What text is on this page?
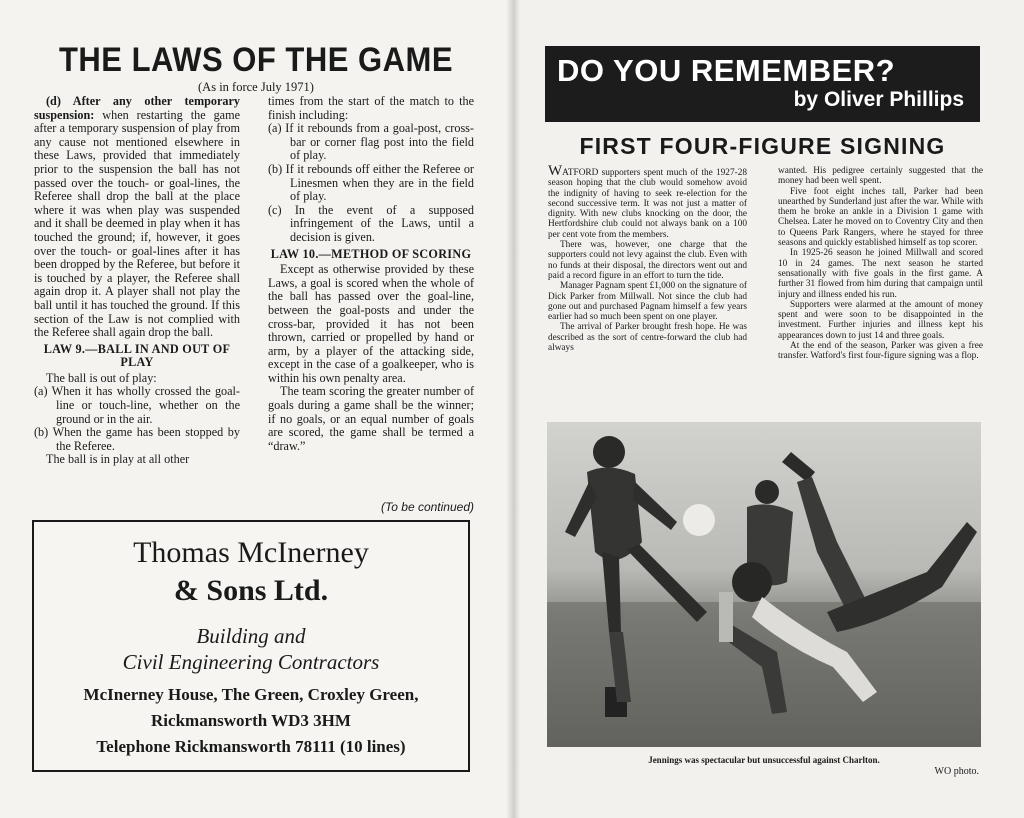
THE LAWS OF THE GAME
(As in force July 1971)

(d) After any other temporary suspension: when restarting the game after a temporary suspension of play from any cause not mentioned elsewhere in these Laws, provided that immediately prior to the suspension the ball has not passed over the touch- or goal-lines, the Referee shall drop the ball at the place where it was when play was suspended and it shall be deemed in play when it has touched the ground; if, however, it goes over the touch- or goal-lines after it has been dropped by the Referee, but before it is touched by a player, the Referee shall again drop it. A player shall not play the ball until it has touched the ground. If this section of the Law is not complied with the Referee shall again drop the ball.

LAW 9.—BALL IN AND OUT OF PLAY

The ball is out of play:

(a) When it has wholly crossed the goal-line or touch-line, whether on the ground or in the air.

(b) When the game has been stopped by the Referee.

The ball is in play at all other

times from the start of the match to the finish including:

(a) If it rebounds from a goal-post, cross-bar or corner flag post into the field of play.

(b) If it rebounds off either the Referee or Linesmen when they are in the field of play.

(c) In the event of a supposed infringement of the Laws, until a decision is given.

LAW 10.—METHOD OF SCORING

Except as otherwise provided by these Laws, a goal is scored when the whole of the ball has passed over the goal-line, between the goal-posts and under the cross-bar, provided it has not been thrown, carried or propelled by hand or arm, by a player of the attacking side, except in the case of a goalkeeper, who is within his own penalty area.

The team scoring the greater number of goals during a game shall be the winner; if no goals, or an equal number of goals are scored, the game shall be termed a “draw.”

(To be continued)
Thomas McInerney
& Sons Ltd.
Building and
Civil Engineering Contractors
McInerney House, The Green, Croxley Green,
Rickmansworth WD3 3HM
Telephone Rickmansworth 78111 (10 lines)
DO YOU REMEMBER?
by Oliver Phillips
FIRST FOUR-FIGURE SIGNING

WATFORD supporters spent much of the 1927-28 season hoping that the club would somehow avoid the indignity of having to seek re-election for the second successive term. It was not just a matter of dignity. With new clubs knocking on the door, the Hertfordshire club could not always bank on a 100 per cent vote from the members.

There was, however, one charge that the supporters could not levy against the club. Even with no funds at their disposal, the directors went out and paid a record figure in an effort to turn the tide.

Manager Pagnam spent £1,000 on the signature of Dick Parker from Millwall. Not since the club had gone out and purchased Pagnam himself a few years earlier had so much been spent on one player.

The arrival of Parker brought fresh hope. He was described as the sort of centre-forward the club had always

wanted. His pedigree certainly suggested that the money had been well spent.

Five foot eight inches tall, Parker had been unearthed by Sunderland just after the war. While with them he broke an ankle in a Division 1 game with Chelsea. Later he moved on to Coventry City and then to Queens Park Rangers, where he stayed for three seasons and quickly established himself as top scorer.

In 1925-26 season he joined Millwall and scored 10 in 24 games. The next season he started sensationally with five goals in the first game. A further 31 flowed from him during that campaign until injury and illness ended his run.

Supporters were alarmed at the amount of money spent and were soon to be disappointed in the investment. Further injuries and illness kept his appearances down to just 14 and three goals.

At the end of the season, Parker was given a free transfer. Watford's first four-figure signing was a flop.

Jennings was spectacular but unsuccessful against Charlton.
WO photo.
